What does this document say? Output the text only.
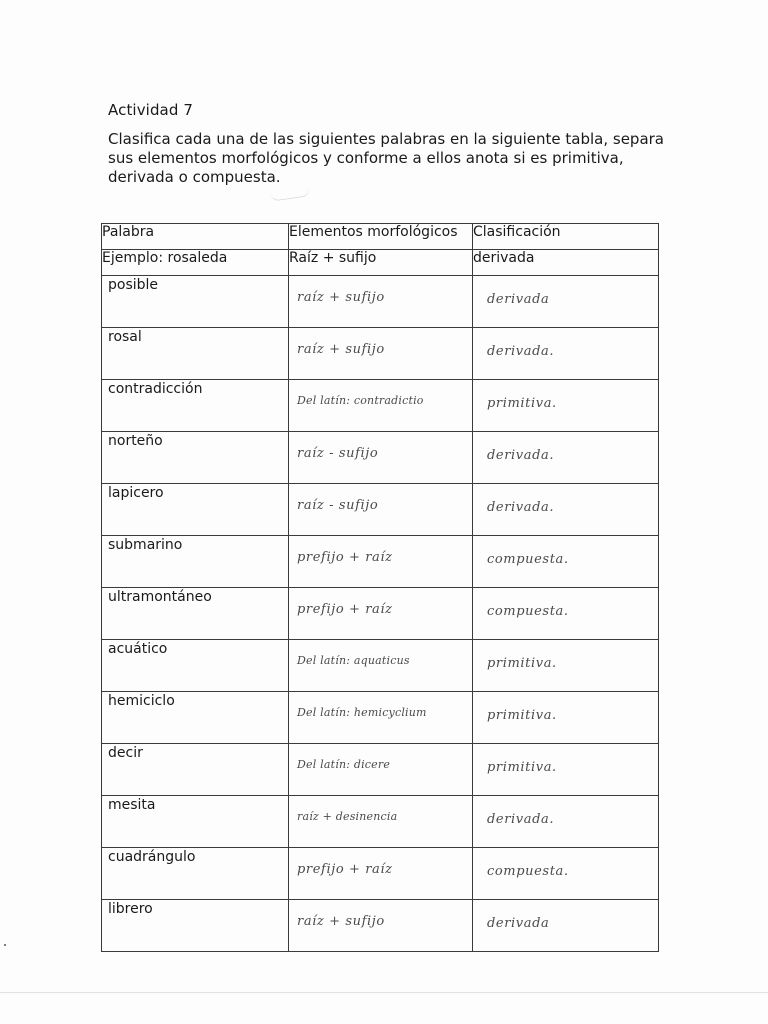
Actividad 7
Clasifica cada una de las siguientes palabras en la siguiente tabla, separa sus elementos morfológicos y conforme a ellos anota si es primitiva, derivada o compuesta.
Palabra	Elementos morfológicos	Clasificación
Ejemplo: rosaleda	Raíz + sufijo	derivada

posible	raíz + sufijo	derivada

rosal	raíz + sufijo	derivada.

contradicción	Del latín: contradictio	primitiva.

norteño	raíz - sufijo	derivada.

lapicero	raíz - sufijo	derivada.

submarino	prefijo + raíz	compuesta.

ultramontáneo	prefijo + raíz	compuesta.

acuático	Del latín: aquaticus	primitiva.

hemiciclo	Del latín: hemicyclium	primitiva.

decir	Del latín: dicere	primitiva.

mesita	raíz + desinencia	derivada.

cuadrángulo	prefijo + raíz	compuesta.

librero	raíz + sufijo	derivada
